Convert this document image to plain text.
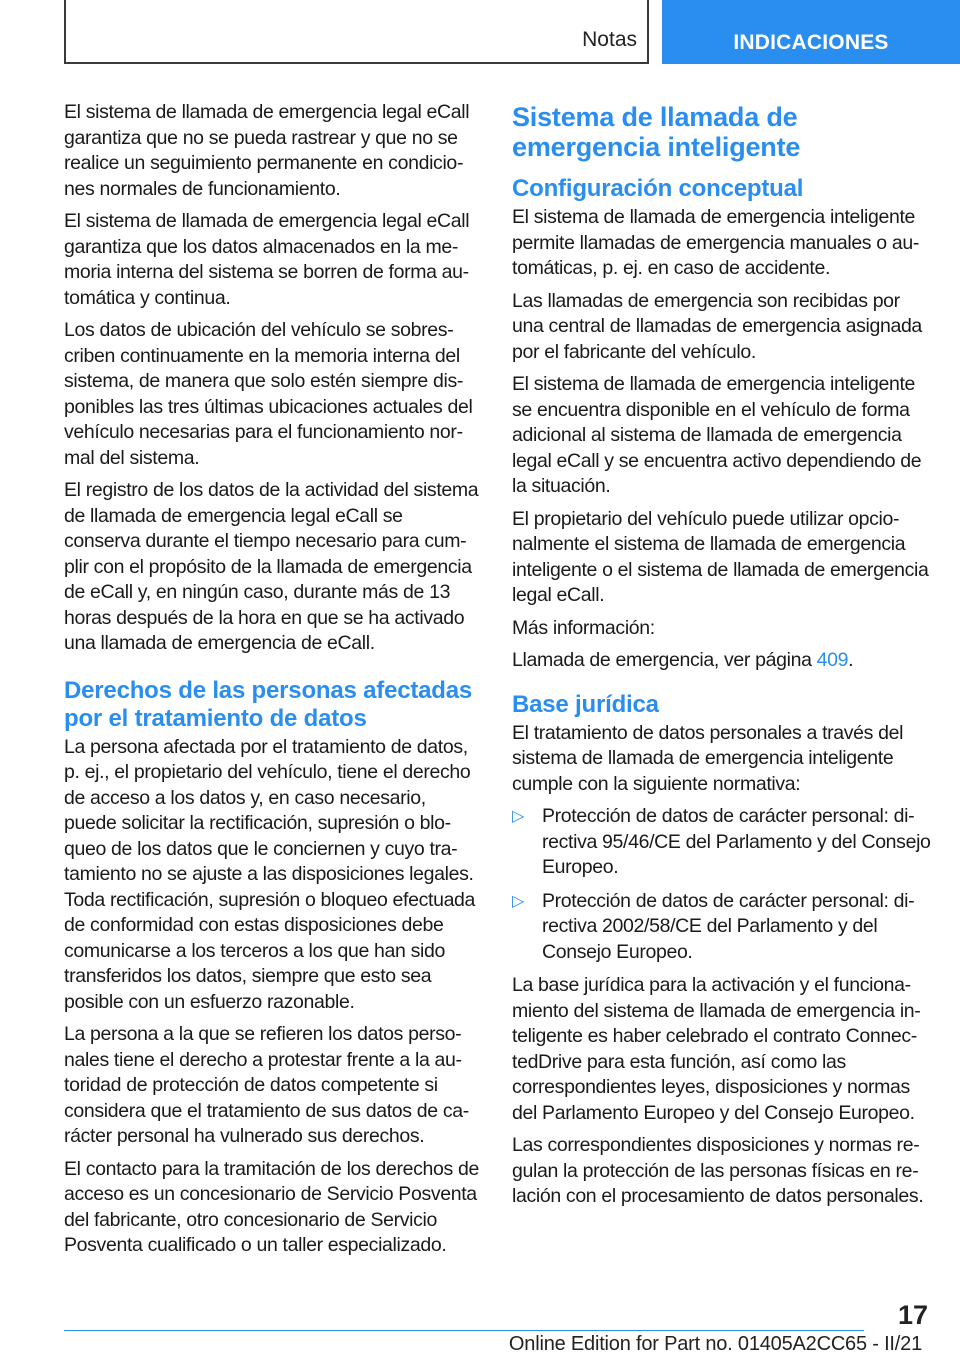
Notas	INDICACIONES

El sistema de llamada de emergencia legal eCall garantiza que no se pueda rastrear y que no se realice un seguimiento permanente en condiciones normales de funcionamiento.

El sistema de llamada de emergencia legal eCall garantiza que los datos almacenados en la memoria interna del sistema se borren de forma automática y continua.

Los datos de ubicación del vehículo se sobrescriben continuamente en la memoria interna del sistema, de manera que solo estén siempre disponibles las tres últimas ubicaciones actuales del vehículo necesarias para el funcionamiento normal del sistema.

El registro de los datos de la actividad del sistema de llamada de emergencia legal eCall se conserva durante el tiempo necesario para cumplir con el propósito de la llamada de emergencia de eCall y, en ningún caso, durante más de 13 horas después de la hora en que se ha activado una llamada de emergencia de eCall.

Derechos de las personas afectadas por el tratamiento de datos

La persona afectada por el tratamiento de datos, p. ej., el propietario del vehículo, tiene el derecho de acceso a los datos y, en caso necesario, puede solicitar la rectificación, supresión o bloqueo de los datos que le conciernen y cuyo tratamiento no se ajuste a las disposiciones legales. Toda rectificación, supresión o bloqueo efectuada de conformidad con estas disposiciones debe comunicarse a los terceros a los que han sido transferidos los datos, siempre que esto sea posible con un esfuerzo razonable.

La persona a la que se refieren los datos personales tiene el derecho a protestar frente a la autoridad de protección de datos competente si considera que el tratamiento de sus datos de carácter personal ha vulnerado sus derechos.

El contacto para la tramitación de los derechos de acceso es un concesionario de Servicio Posventa del fabricante, otro concesionario de Servicio Posventa cualificado o un taller especializado.

Sistema de llamada de emergencia inteligente
Configuración conceptual

El sistema de llamada de emergencia inteligente permite llamadas de emergencia manuales o automáticas, p. ej. en caso de accidente.

Las llamadas de emergencia son recibidas por una central de llamadas de emergencia asignada por el fabricante del vehículo.

El sistema de llamada de emergencia inteligente se encuentra disponible en el vehículo de forma adicional al sistema de llamada de emergencia legal eCall y se encuentra activo dependiendo de la situación.

El propietario del vehículo puede utilizar opcionalmente el sistema de llamada de emergencia inteligente o el sistema de llamada de emergencia legal eCall.

Más información:

Llamada de emergencia, ver página 409.

Base jurídica

El tratamiento de datos personales a través del sistema de llamada de emergencia inteligente cumple con la siguiente normativa:

▷ Protección de datos de carácter personal: directiva 95/46/CE del Parlamento y del Consejo Europeo.
▷ Protección de datos de carácter personal: directiva 2002/58/CE del Parlamento y del Consejo Europeo.

La base jurídica para la activación y el funcionamiento del sistema de llamada de emergencia inteligente es haber celebrado el contrato ConnectedDrive para esta función, así como las correspondientes leyes, disposiciones y normas del Parlamento Europeo y del Consejo Europeo.

Las correspondientes disposiciones y normas regulan la protección de las personas físicas en relación con el procesamiento de datos personales.

17
Online Edition for Part no. 01405A2CC65 - II/21
